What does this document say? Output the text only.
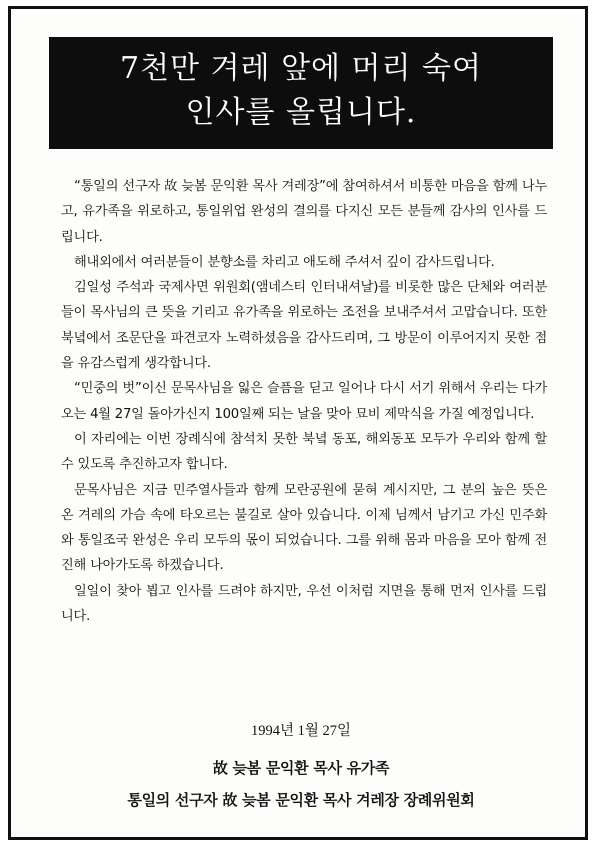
7천만 겨레 앞에 머리 숙여
인사를 올립니다.

“통일의 선구자 故 늦봄 문익환 목사 겨레장”에 참여하셔서 비통한 마음을 함께 나누고, 유가족을 위로하고, 통일위업 완성의 결의를 다지신 모든 분들께 감사의 인사를 드립니다.

해내외에서 여러분들이 분향소를 차리고 애도해 주셔서 깊이 감사드립니다.

김일성 주석과 국제사면 위원회(앰네스티 인터내셔날)를 비롯한 많은 단체와 여러분들이 목사님의 큰 뜻을 기리고 유가족을 위로하는 조전을 보내주셔서 고맙습니다. 또한 북녘에서 조문단을 파견코자 노력하셨음을 감사드리며, 그 방문이 이루어지지 못한 점을 유감스럽게 생각합니다.

“민중의 벗”이신 문목사님을 잃은 슬픔을 딛고 일어나 다시 서기 위해서 우리는 다가오는 4월 27일 돌아가신지 100일째 되는 날을 맞아 묘비 제막식을 가질 예정입니다.

이 자리에는 이번 장례식에 참석치 못한 북녘 동포, 해외동포 모두가 우리와 함께 할 수 있도록 추진하고자 합니다.

문목사님은 지금 민주열사들과 함께 모란공원에 묻혀 계시지만, 그 분의 높은 뜻은 온 겨레의 가슴 속에 타오르는 불길로 살아 있습니다. 이제 님께서 남기고 가신 민주화와 통일조국 완성은 우리 모두의 몫이 되었습니다. 그를 위해 몸과 마음을 모아 함께 전진해 나아가도록 하겠습니다.

일일이 찾아 뵙고 인사를 드려야 하지만, 우선 이처럼 지면을 통해 먼저 인사를 드립니다.

1994년 1월 27일
故 늦봄 문익환 목사 유가족
통일의 선구자 故 늦봄 문익환 목사 겨레장 장례위원회
